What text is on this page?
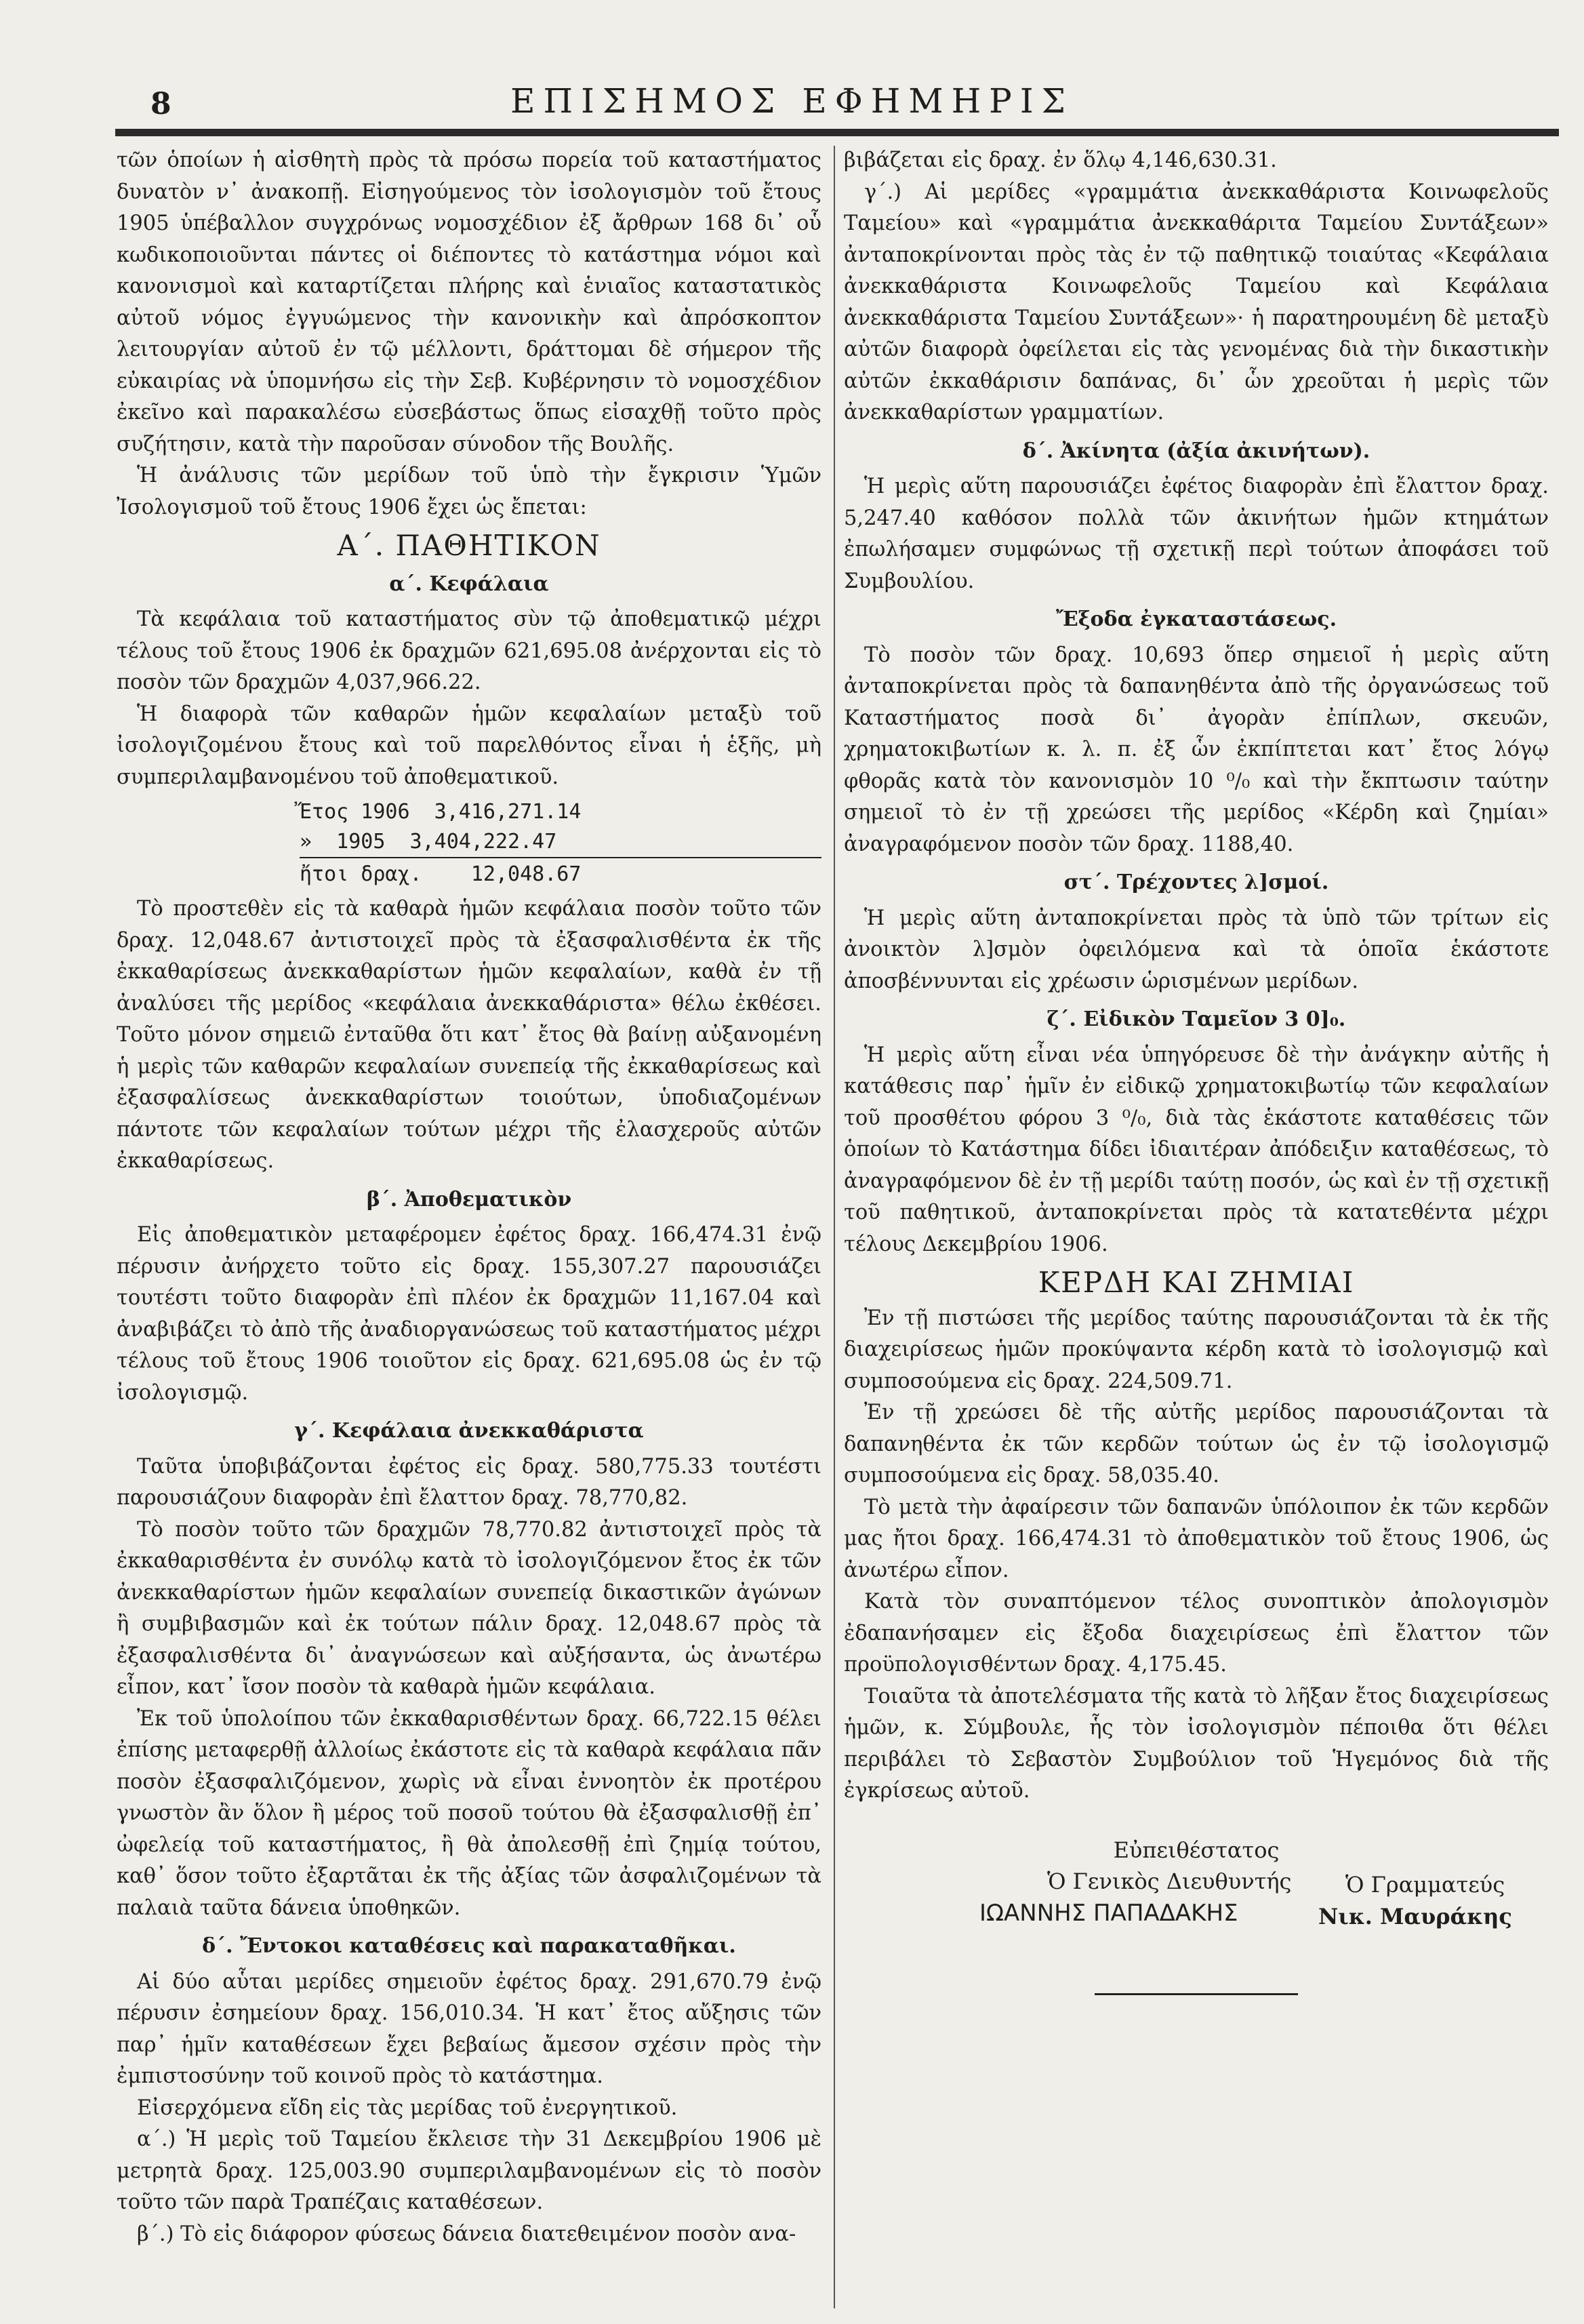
8	ΕΠΙΣΗΜΟΣ ΕΦΗΜΗΡΙΣ

τῶν ὁποίων ἡ αἰσθητὴ πρὸς τὰ πρόσω πορεία τοῦ καταστήματος δυνατὸν ν᾽ ἀνακοπῇ. Εἰσηγούμενος τὸν ἰσολογισμὸν τοῦ ἔτους 1905 ὑπέβαλλον συγχρόνως νομοσχέδιον ἐξ ἄρθρων 168 δι᾽ οὗ κωδικοποιοῦνται πάντες οἱ διέποντες τὸ κατάστημα νόμοι καὶ κανονισμοὶ καὶ καταρτίζεται πλήρης καὶ ἑνιαῖος καταστατικὸς αὐτοῦ νόμος ἐγγυώμενος τὴν κανονικὴν καὶ ἀπρόσκοπτον λειτουργίαν αὐτοῦ ἐν τῷ μέλλοντι, δράττομαι δὲ σήμερον τῆς εὐκαιρίας νὰ ὑπομνήσω εἰς τὴν Σεβ. Κυβέρνησιν τὸ νομοσχέδιον ἐκεῖνο καὶ παρακαλέσω εὐσεβάστως ὅπως εἰσαχθῇ τοῦτο πρὸς συζήτησιν, κατὰ τὴν παροῦσαν σύνοδον τῆς Βουλῆς.

Ἡ ἀνάλυσις τῶν μερίδων τοῦ ὑπὸ τὴν ἔγκρισιν Ὑμῶν Ἰσολογισμοῦ τοῦ ἔτους 1906 ἔχει ὡς ἔπεται:

Α΄. ΠΑΘΗΤΙΚΟΝ
α΄. Κεφάλαια

Τὰ κεφάλαια τοῦ καταστήματος σὺν τῷ ἀποθεματικῷ μέχρι τέλους τοῦ ἔτους 1906 ἐκ δραχμῶν 621,695.08 ἀνέρχονται εἰς τὸ ποσὸν τῶν δραχμῶν 4,037,966.22.

Ἡ διαφορὰ τῶν καθαρῶν ἡμῶν κεφαλαίων μεταξὺ τοῦ ἰσολογιζομένου ἔτους καὶ τοῦ παρελθόντος εἶναι ἡ ἑξῆς, μὴ συμπεριλαμβανομένου τοῦ ἀποθεματικοῦ.

Ἔτος 1906  3,416,271.14
»  1905  3,404,222.47
ἤτοι δραχ.    12,048.67

Τὸ προστεθὲν εἰς τὰ καθαρὰ ἡμῶν κεφάλαια ποσὸν τοῦτο τῶν δραχ. 12,048.67 ἀντιστοιχεῖ πρὸς τὰ ἐξασφαλισθέντα ἐκ τῆς ἐκκαθαρίσεως ἀνεκκαθαρίστων ἡμῶν κεφαλαίων, καθὰ ἐν τῇ ἀναλύσει τῆς μερίδος «κεφάλαια ἀνεκκαθάριστα» θέλω ἐκθέσει. Τοῦτο μόνον σημειῶ ἐνταῦθα ὅτι κατ᾽ ἔτος θὰ βαίνῃ αὐξανομένη ἡ μερὶς τῶν καθαρῶν κεφαλαίων συνεπείᾳ τῆς ἐκκαθαρίσεως καὶ ἐξασφαλίσεως ἀνεκκαθαρίστων τοιούτων, ὑποδιαζομένων πάντοτε τῶν κεφαλαίων τούτων μέχρι τῆς ἐλασχεροῦς αὐτῶν ἐκκαθαρίσεως.

β΄. Ἀποθεματικὸν

Εἰς ἀποθεματικὸν μεταφέρομεν ἐφέτος δραχ. 166,474.31 ἐνῷ πέρυσιν ἀνήρχετο τοῦτο εἰς δραχ. 155,307.27 παρουσιάζει τουτέστι τοῦτο διαφορὰν ἐπὶ πλέον ἐκ δραχμῶν 11,167.04 καὶ ἀναβιβάζει τὸ ἀπὸ τῆς ἀναδιοργανώσεως τοῦ καταστήματος μέχρι τέλους τοῦ ἔτους 1906 τοιοῦτον εἰς δραχ. 621,695.08 ὡς ἐν τῷ ἰσολογισμῷ.

γ΄. Κεφάλαια ἀνεκκαθάριστα

Ταῦτα ὑποβιβάζονται ἐφέτος εἰς δραχ. 580,775.33 τουτέστι παρουσιάζουν διαφορὰν ἐπὶ ἔλαττον δραχ. 78,770,82.

Τὸ ποσὸν τοῦτο τῶν δραχμῶν 78,770.82 ἀντιστοιχεῖ πρὸς τὰ ἐκκαθαρισθέντα ἐν συνόλῳ κατὰ τὸ ἰσολογιζόμενον ἔτος ἐκ τῶν ἀνεκκαθαρίστων ἡμῶν κεφαλαίων συνεπείᾳ δικαστικῶν ἀγώνων ἢ συμβιβασμῶν καὶ ἐκ τούτων πάλιν δραχ. 12,048.67 πρὸς τὰ ἐξασφαλισθέντα δι᾽ ἀναγνώσεων καὶ αὐξήσαντα, ὡς ἀνωτέρω εἶπον, κατ᾽ ἴσον ποσὸν τὰ καθαρὰ ἡμῶν κεφάλαια.

Ἐκ τοῦ ὑπολοίπου τῶν ἐκκαθαρισθέντων δραχ. 66,722.15 θέλει ἐπίσης μεταφερθῇ ἀλλοίως ἐκάστοτε εἰς τὰ καθαρὰ κεφάλαια πᾶν ποσὸν ἐξασφαλιζόμενον, χωρὶς νὰ εἶναι ἐννοητὸν ἐκ προτέρου γνωστὸν ἂν ὅλον ἢ μέρος τοῦ ποσοῦ τούτου θὰ ἐξασφαλισθῇ ἐπ᾽ ὠφελείᾳ τοῦ καταστήματος, ἢ θὰ ἀπολεσθῇ ἐπὶ ζημίᾳ τούτου, καθ᾽ ὅσον τοῦτο ἐξαρτᾶται ἐκ τῆς ἀξίας τῶν ἀσφαλιζομένων τὰ παλαιὰ ταῦτα δάνεια ὑποθηκῶν.

δ΄. Ἔντοκοι καταθέσεις καὶ παρακαταθῆκαι.

Αἱ δύο αὗται μερίδες σημειοῦν ἐφέτος δραχ. 291,670.79 ἐνῷ πέρυσιν ἐσημείουν δραχ. 156,010.34. Ἡ κατ᾽ ἔτος αὔξησις τῶν παρ᾽ ἡμῖν καταθέσεων ἔχει βεβαίως ἄμεσον σχέσιν πρὸς τὴν ἐμπιστοσύνην τοῦ κοινοῦ πρὸς τὸ κατάστημα.

Εἰσερχόμενα εἴδη εἰς τὰς μερίδας τοῦ ἐνεργητικοῦ.

α΄.) Ἡ μερὶς τοῦ Ταμείου ἔκλεισε τὴν 31 Δεκεμβρίου 1906 μὲ μετρητὰ δραχ. 125,003.90 συμπεριλαμβανομένων εἰς τὸ ποσὸν τοῦτο τῶν παρὰ Τραπέζαις καταθέσεων.

β΄.) Τὸ εἰς διάφορον φύσεως δάνεια διατεθειμένον ποσὸν ανα-

βιβάζεται εἰς δραχ. ἐν ὅλῳ 4,146,630.31.

γ΄.) Αἱ μερίδες «γραμμάτια ἀνεκκαθάριστα Κοινωφελοῦς Ταμείου» καὶ «γραμμάτια ἀνεκκαθάριτα Ταμείου Συντάξεων» ἀνταποκρίνονται πρὸς τὰς ἐν τῷ παθητικῷ τοιαύτας «Κεφάλαια ἀνεκκαθάριστα Κοινωφελοῦς Ταμείου καὶ Κεφάλαια ἀνεκκαθάριστα Ταμείου Συντάξεων»· ἡ παρατηρουμένη δὲ μεταξὺ αὐτῶν διαφορὰ ὀφείλεται εἰς τὰς γενομένας διὰ τὴν δικαστικὴν αὐτῶν ἐκκαθάρισιν δαπάνας, δι᾽ ὧν χρεοῦται ἡ μερὶς τῶν ἀνεκκαθαρίστων γραμματίων.

δ΄. Ἀκίνητα (ἀξία ἀκινήτων).

Ἡ μερὶς αὕτη παρουσιάζει ἐφέτος διαφορὰν ἐπὶ ἔλαττον δραχ. 5,247.40 καθόσον πολλὰ τῶν ἀκινήτων ἡμῶν κτημάτων ἐπωλήσαμεν συμφώνως τῇ σχετικῇ περὶ τούτων ἀποφάσει τοῦ Συμβουλίου.

Ἔξοδα ἐγκαταστάσεως.

Τὸ ποσὸν τῶν δραχ. 10,693 ὅπερ σημειοῖ ἡ μερὶς αὕτη ἀνταποκρίνεται πρὸς τὰ δαπανηθέντα ἀπὸ τῆς ὀργανώσεως τοῦ Καταστήματος ποσὰ δι᾽ ἀγορὰν ἐπίπλων, σκευῶν, χρηματοκιβωτίων κ. λ. π. ἐξ ὧν ἐκπίπτεται κατ᾽ ἔτος λόγῳ φθορᾶς κατὰ τὸν κανονισμὸν 10 ⁰/₀ καὶ τὴν ἔκπτωσιν ταύτην σημειοῖ τὸ ἐν τῇ χρεώσει τῆς μερίδος «Κέρδη καὶ ζημίαι» ἀναγραφόμενον ποσὸν τῶν δραχ. 1188,40.

στ΄. Τρέχοντες λ]σμοί.

Ἡ μερὶς αὕτη ἀνταποκρίνεται πρὸς τὰ ὑπὸ τῶν τρίτων εἰς ἀνοικτὸν λ]σμὸν ὀφειλόμενα καὶ τὰ ὁποῖα ἑκάστοτε ἀποσβέννυνται εἰς χρέωσιν ὡρισμένων μερίδων.

ζ΄. Εἰδικὸν Ταμεῖον 3 0]₀.

Ἡ μερὶς αὕτη εἶναι νέα ὑπηγόρευσε δὲ τὴν ἀνάγκην αὐτῆς ἡ κατάθεσις παρ᾽ ἡμῖν ἐν εἰδικῷ χρηματοκιβωτίῳ τῶν κεφαλαίων τοῦ προσθέτου φόρου 3 ⁰/₀, διὰ τὰς ἑκάστοτε καταθέσεις τῶν ὁποίων τὸ Κατάστημα δίδει ἰδιαιτέραν ἀπόδειξιν καταθέσεως, τὸ ἀναγραφόμενον δὲ ἐν τῇ μερίδι ταύτῃ ποσόν, ὡς καὶ ἐν τῇ σχετικῇ τοῦ παθητικοῦ, ἀνταποκρίνεται πρὸς τὰ κατατεθέντα μέχρι τέλους Δεκεμβρίου 1906.

ΚΕΡΔΗ ΚΑΙ ΖΗΜΙΑΙ

Ἐν τῇ πιστώσει τῆς μερίδος ταύτης παρουσιάζονται τὰ ἐκ τῆς διαχειρίσεως ἡμῶν προκύψαντα κέρδη κατὰ τὸ ἰσολογισμῷ καὶ συμποσούμενα εἰς δραχ. 224,509.71.

Ἐν τῇ χρεώσει δὲ τῆς αὐτῆς μερίδος παρουσιάζονται τὰ δαπανηθέντα ἐκ τῶν κερδῶν τούτων ὡς ἐν τῷ ἰσολογισμῷ συμποσούμενα εἰς δραχ. 58,035.40.

Τὸ μετὰ τὴν ἀφαίρεσιν τῶν δαπανῶν ὑπόλοιπον ἐκ τῶν κερδῶν μας ἤτοι δραχ. 166,474.31 τὸ ἀποθεματικὸν τοῦ ἔτους 1906, ὡς ἀνωτέρω εἶπον.

Κατὰ τὸν συναπτόμενον τέλος συνοπτικὸν ἀπολογισμὸν ἐδαπανήσαμεν εἰς ἔξοδα διαχειρίσεως ἐπὶ ἔλαττον τῶν προϋπολογισθέντων δραχ. 4,175.45.

Τοιαῦτα τὰ ἀποτελέσματα τῆς κατὰ τὸ λῆξαν ἔτος διαχειρίσεως ἡμῶν, κ. Σύμβουλε, ἧς τὸν ἰσολογισμὸν πέποιθα ὅτι θέλει περιβάλει τὸ Σεβαστὸν Συμβούλιον τοῦ Ἡγεμόνος διὰ τῆς ἐγκρίσεως αὐτοῦ.

Εὐπειθέστατος
Ὁ Γενικὸς Διευθυντής
ΙΩΑΝΝΗΣ ΠΑΠΑΔΑΚΗΣ
Ὁ Γραμματεύς
Νικ. Μαυράκης
